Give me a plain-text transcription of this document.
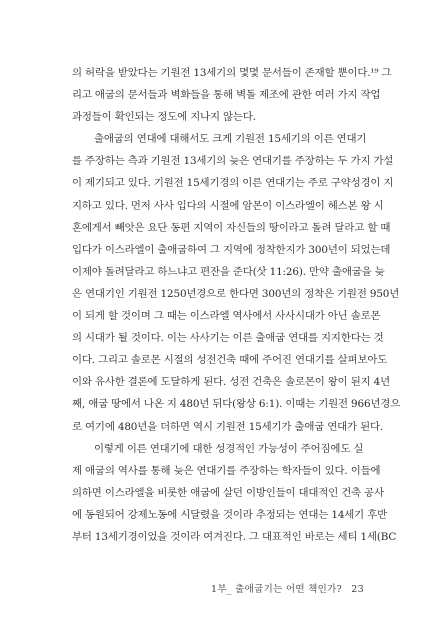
의 허락을 받았다는 기원전 13세기의 몇몇 문서들이 존재할 뿐이다.¹⁹ 그
리고 애굽의 문서들과 벽화들을 통해 벽돌 제조에 관한 여러 가지 작업
과정들이 확인되는 정도에 지나지 않는다.
출애굽의 연대에 대해서도 크게 기원전 15세기의 이른 연대기
를 주장하는 측과 기원전 13세기의 늦은 연대기를 주장하는 두 가지 가설
이 제기되고 있다. 기원전 15세기경의 이른 연대기는 주로 구약성경이 지
지하고 있다. 먼저 사사 입다의 시절에 암몬이 이스라엘이 헤스본 왕 시
혼에게서 빼앗은 요단 동편 지역이 자신들의 땅이라고 돌려 달라고 할 때
입다가 이스라엘이 출애굽하여 그 지역에 정착한지가 300년이 되었는데
이제야 돌려달라고 하느냐고 편잔을 준다(삿 11:26). 만약 출애굽을 늦
은 연대기인 기원전 1250년경으로 한다면 300년의 정착은 기원전 950년
이 되게 할 것이며 그 때는 이스라엘 역사에서 사사시대가 아닌 솔로몬
의 시대가 될 것이다. 이는 사사기는 이른 출애굽 연대를 지지한다는 것
이다. 그리고 솔로몬 시절의 성전건축 때에 주어진 연대기를 살펴보아도
이와 유사한 결론에 도달하게 된다. 성전 건축은 솔로몬이 왕이 된지 4년
째, 애굽 땅에서 나온 지 480년 뒤다(왕상 6:1). 이때는 기원전 966년경으
로 여기에 480년을 더하면 역시 기원전 15세기가 출애굽 연대가 된다.
이렇게 이른 연대기에 대한 성경적인 가능성이 주어짐에도 실
제 애굽의 역사를 통해 늦은 연대기를 주장하는 학자들이 있다. 이들에
의하면 이스라엘을 비롯한 애굽에 살던 이방인들이 대대적인 건축 공사
에 동원되어 강제노동에 시달렸을 것이라 추정되는 연대는 14세기 후반
부터 13세기경이었을 것이라 여겨진다. 그 대표적인 바로는 세티 1세(BC
1부_ 출애굽기는 어떤 책인가? 23
